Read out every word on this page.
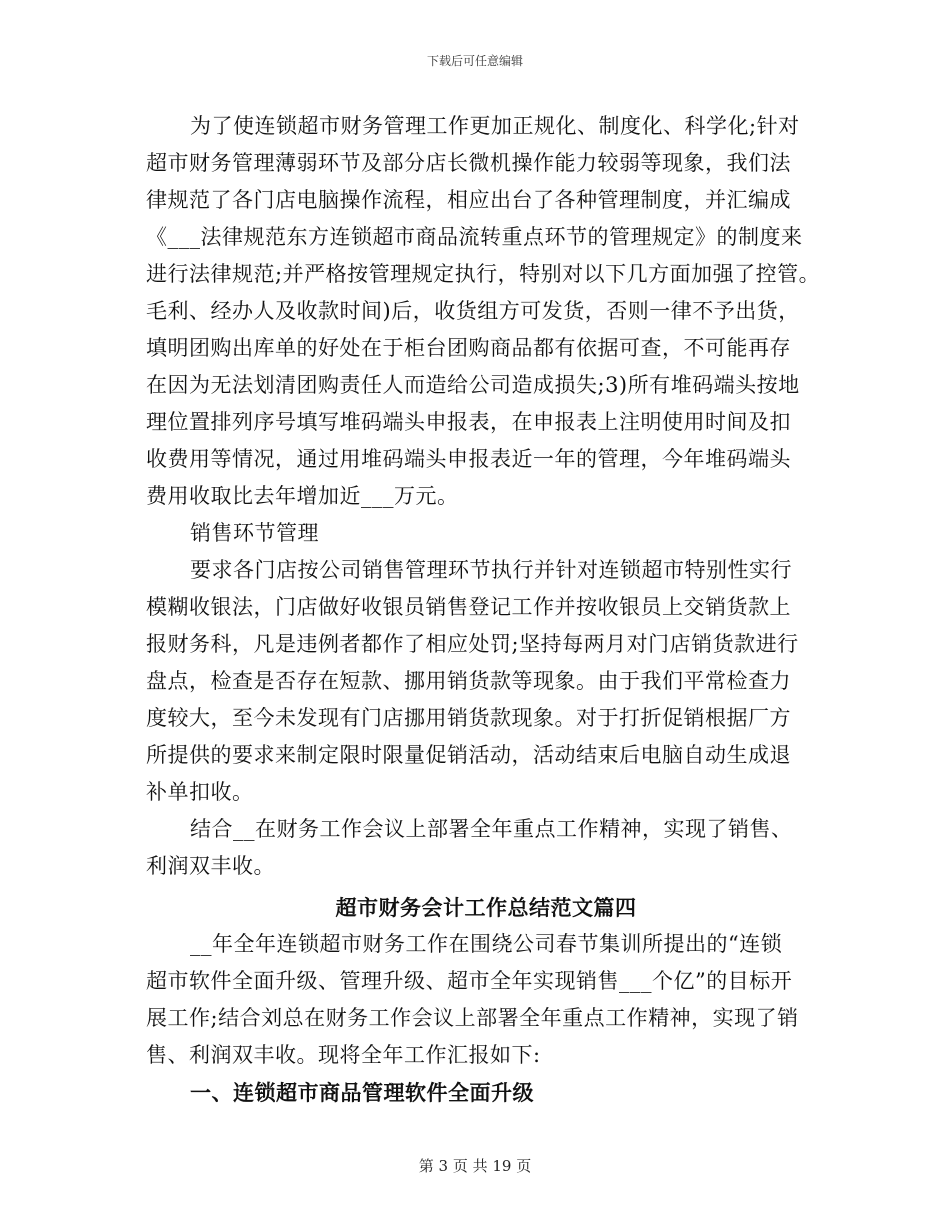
下载后可任意编辑
为了使连锁超市财务管理工作更加正规化、制度化、科学化;针对
超市财务管理薄弱环节及部分店长微机操作能力较弱等现象，我们法
律规范了各门店电脑操作流程，相应出台了各种管理制度，并汇编成
《___法律规范东方连锁超市商品流转重点环节的管理规定》的制度来
进行法律规范;并严格按管理规定执行，特别对以下几方面加强了控管。
毛利、经办人及收款时间)后，收货组方可发货，否则一律不予出货，
填明团购出库单的好处在于柜台团购商品都有依据可查，不可能再存
在因为无法划清团购责任人而造给公司造成损失;3)所有堆码端头按地
理位置排列序号填写堆码端头申报表，在申报表上注明使用时间及扣
收费用等情况，通过用堆码端头申报表近一年的管理，今年堆码端头
费用收取比去年增加近___万元。
销售环节管理
要求各门店按公司销售管理环节执行并针对连锁超市特别性实行
模糊收银法，门店做好收银员销售登记工作并按收银员上交销货款上
报财务科，凡是违例者都作了相应处罚;坚持每两月对门店销货款进行
盘点，检查是否存在短款、挪用销货款等现象。由于我们平常检查力
度较大，至今未发现有门店挪用销货款现象。对于打折促销根据厂方
所提供的要求来制定限时限量促销活动，活动结束后电脑自动生成退
补单扣收。
结合__在财务工作会议上部署全年重点工作精神，实现了销售、
利润双丰收。
超市财务会计工作总结范文篇四
__年全年连锁超市财务工作在围绕公司春节集训所提出的“连锁
超市软件全面升级、管理升级、超市全年实现销售___个亿”的目标开
展工作;结合刘总在财务工作会议上部署全年重点工作精神，实现了销
售、利润双丰收。现将全年工作汇报如下:
一、连锁超市商品管理软件全面升级
第 3 页 共 19 页
